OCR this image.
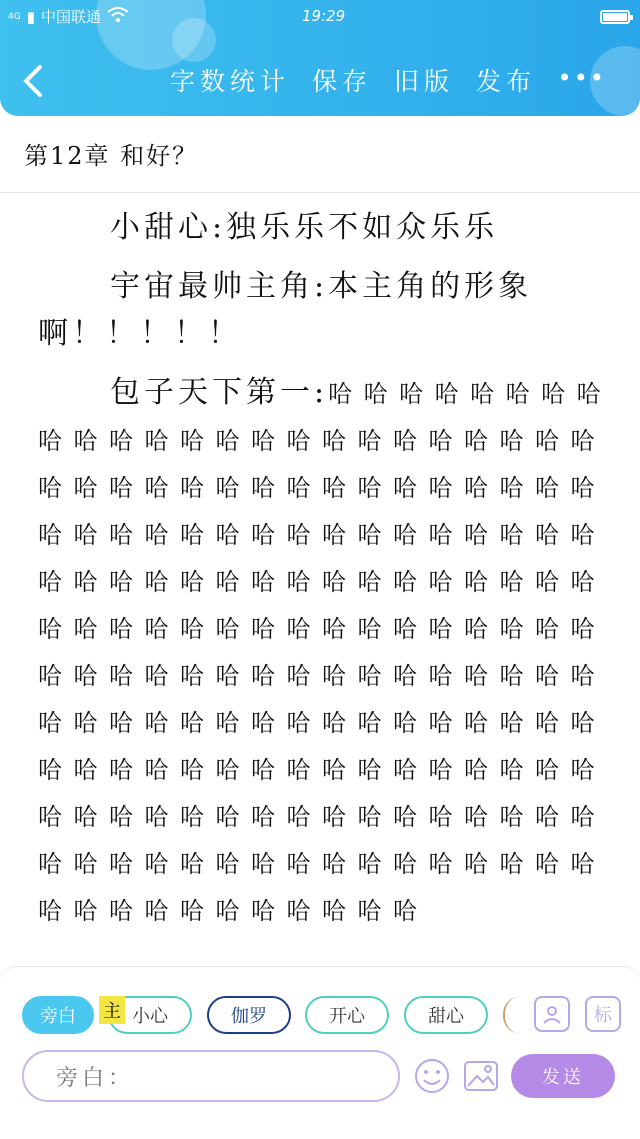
4G ▮ 中国联通	19:29
字数统计 保存 旧版 发布 •••
第12章 和好？

小甜心:独乐乐不如众乐乐

宇宙最帅主角:本主角的形象啊！！！！！

包子天下第一:哈哈哈哈哈哈哈哈哈哈哈哈哈哈哈哈哈哈哈哈哈哈哈哈哈哈哈哈哈哈哈哈哈哈哈哈哈哈哈哈哈哈哈哈哈哈哈哈哈哈哈哈哈哈哈哈哈哈哈哈哈哈哈哈哈哈哈哈哈哈哈哈哈哈哈哈哈哈哈哈哈哈哈哈哈哈哈哈哈哈哈哈哈哈哈哈哈哈哈哈哈哈哈哈哈哈哈哈哈哈哈哈哈哈哈哈哈哈哈哈哈哈哈哈哈哈哈哈哈哈哈哈哈哈哈哈哈哈哈哈哈哈哈哈哈哈哈哈哈哈哈哈哈哈哈哈哈哈哈哈哈哈哈哈哈哈哈哈哈哈哈哈哈哈哈哈哈哈哈

旁白	小心
主	伽罗	开心	甜心	标
旁白：	发送
